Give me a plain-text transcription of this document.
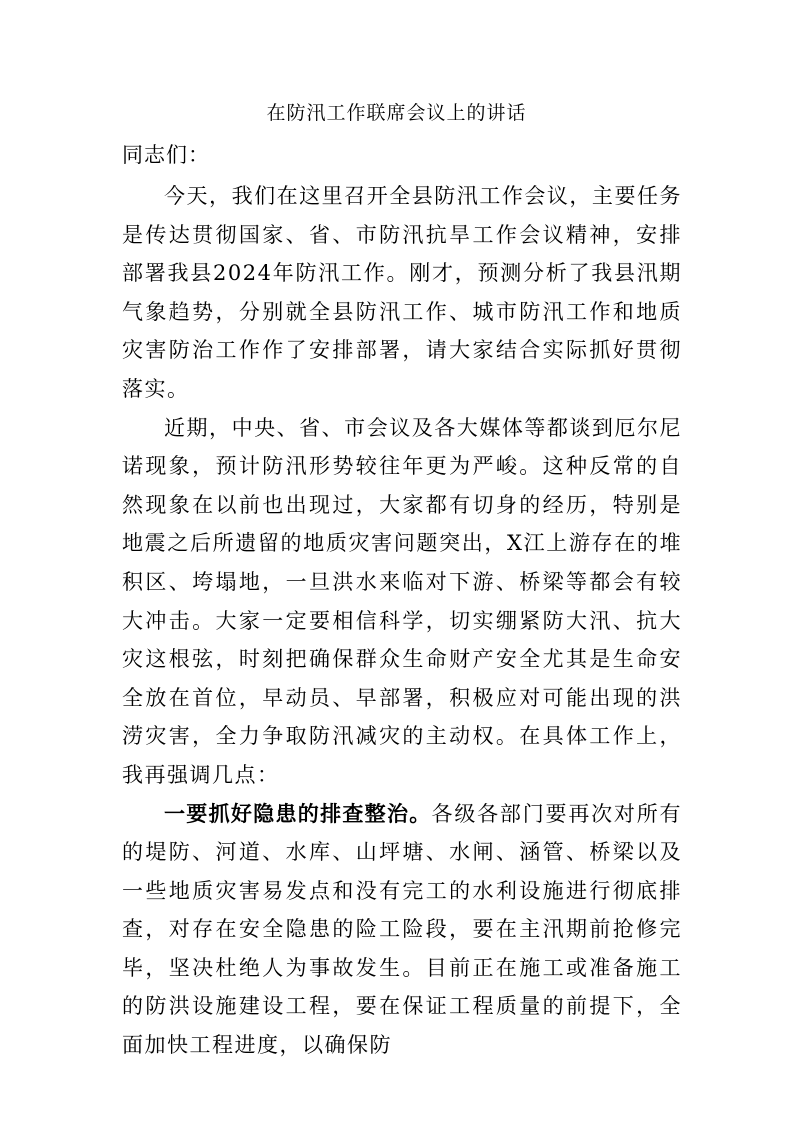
在防汛工作联席会议上的讲话
同志们：

今天，我们在这里召开全县防汛工作会议，主要任务是传达贯彻国家、省、市防汛抗旱工作会议精神，安排部署我县2024年防汛工作。刚才，预测分析了我县汛期气象趋势，分别就全县防汛工作、城市防汛工作和地质灾害防治工作作了安排部署，请大家结合实际抓好贯彻落实。

近期，中央、省、市会议及各大媒体等都谈到厄尔尼诺现象，预计防汛形势较往年更为严峻。这种反常的自然现象在以前也出现过，大家都有切身的经历，特别是地震之后所遗留的地质灾害问题突出，X江上游存在的堆积区、垮塌地，一旦洪水来临对下游、桥梁等都会有较大冲击。大家一定要相信科学，切实绷紧防大汛、抗大灾这根弦，时刻把确保群众生命财产安全尤其是生命安全放在首位，早动员、早部署，积极应对可能出现的洪涝灾害，全力争取防汛减灾的主动权。在具体工作上，我再强调几点：

一要抓好隐患的排查整治。各级各部门要再次对所有的堤防、河道、水库、山坪塘、水闸、涵管、桥梁以及一些地质灾害易发点和没有完工的水利设施进行彻底排查，对存在安全隐患的险工险段，要在主汛期前抢修完毕，坚决杜绝人为事故发生。目前正在施工或准备施工的防洪设施建设工程，要在保证工程质量的前提下，全面加快工程进度，以确保防
